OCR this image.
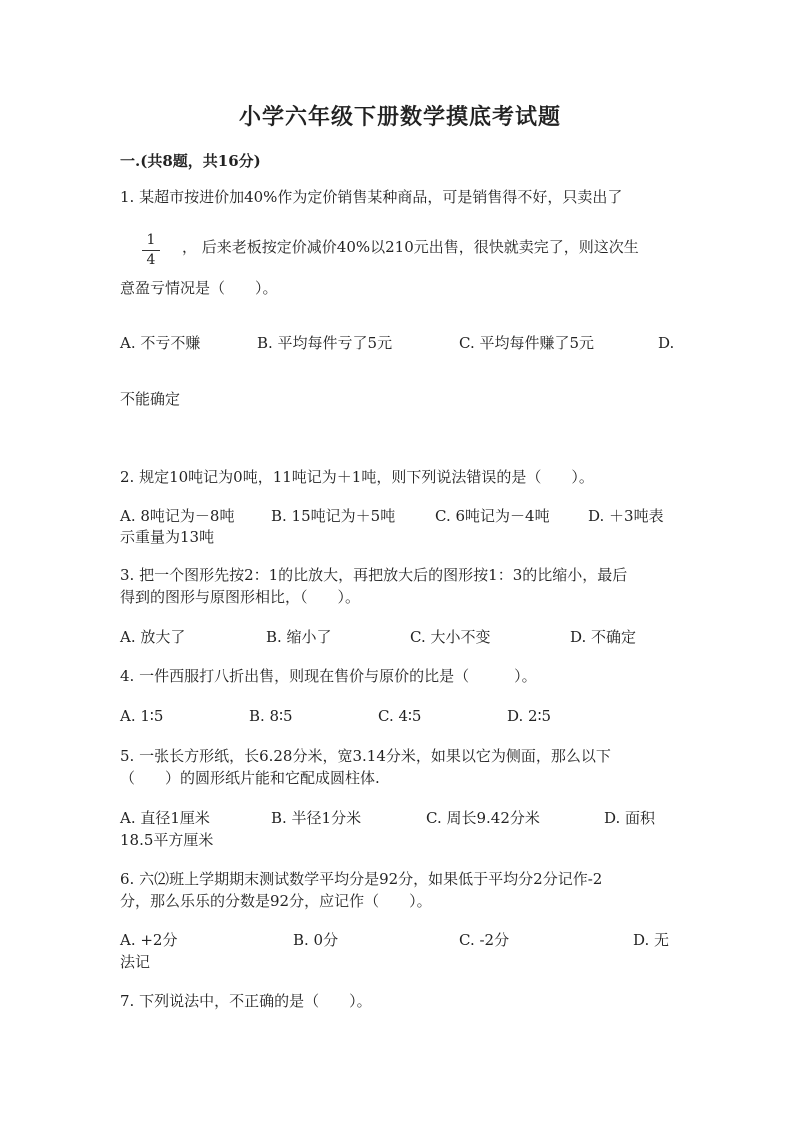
小学六年级下册数学摸底考试题
一.(共8题，共16分)
1. 某超市按进价加40%作为定价销售某种商品，可是销售得不好，只卖出了
1
4
， 后来老板按定价减价40%以210元出售，很快就卖完了，则这次生
意盈亏情况是（　　）。
A. 不亏不赚	B. 平均每件亏了5元	C. 平均每件赚了5元	D.
不能确定
2. 规定10吨记为0吨，11吨记为＋1吨，则下列说法错误的是（　　）。
A. 8吨记为－8吨 B. 15吨记为＋5吨	C. 6吨记为－4吨	D. ＋3吨表
示重量为13吨
3. 把一个图形先按2：1的比放大，再把放大后的图形按1：3的比缩小，最后
得到的图形与原图形相比，（　　）。
A. 放大了	B. 缩小了	C. 大小不变	D. 不确定
4. 一件西服打八折出售，则现在售价与原价的比是（　　　）。
A. 1∶5	B. 8∶5	C. 4∶5	D. 2∶5
5. 一张长方形纸，长6.28分米，宽3.14分米，如果以它为侧面，那么以下
（　　）的圆形纸片能和它配成圆柱体.
A. 直径1厘米	B. 半径1分米	C. 周长9.42分米	D. 面积
18.5平方厘米
6. 六⑵班上学期期末测试数学平均分是92分，如果低于平均分2分记作-2
分，那么乐乐的分数是92分，应记作（　　）。
A. +2分	B. 0分	C. -2分	D. 无
法记
7. 下列说法中，不正确的是（　　）。
